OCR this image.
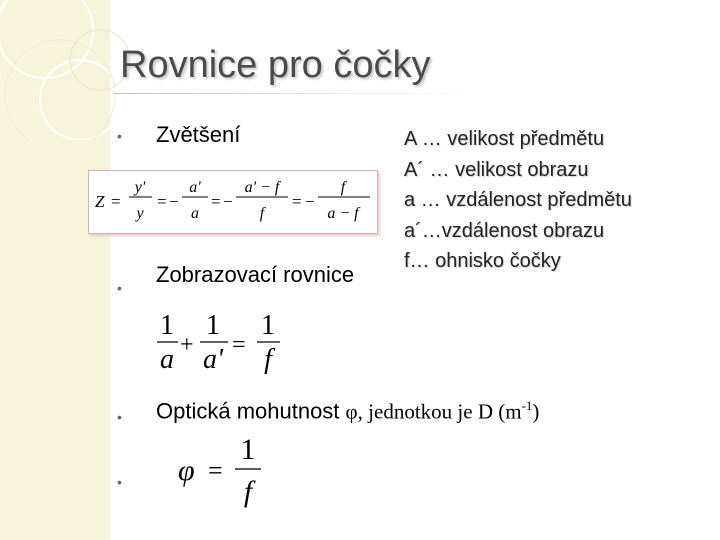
Rovnice pro čočky
• Zvětšení
Z =
y'
y
= −
a'
a
= −
a' − f
f
= −
f
a − f
A … velikost předmětu
A´ … velikost obrazu
a … vzdálenost předmětu
a´…vzdálenost obrazu
f… ohnisko čočky
•
Zobrazovací rovnice
1
a +
1
a' =
1
f
• Optická mohutnost φ, jednotkou je D $(m^{-1})$
• φ =
1
f
